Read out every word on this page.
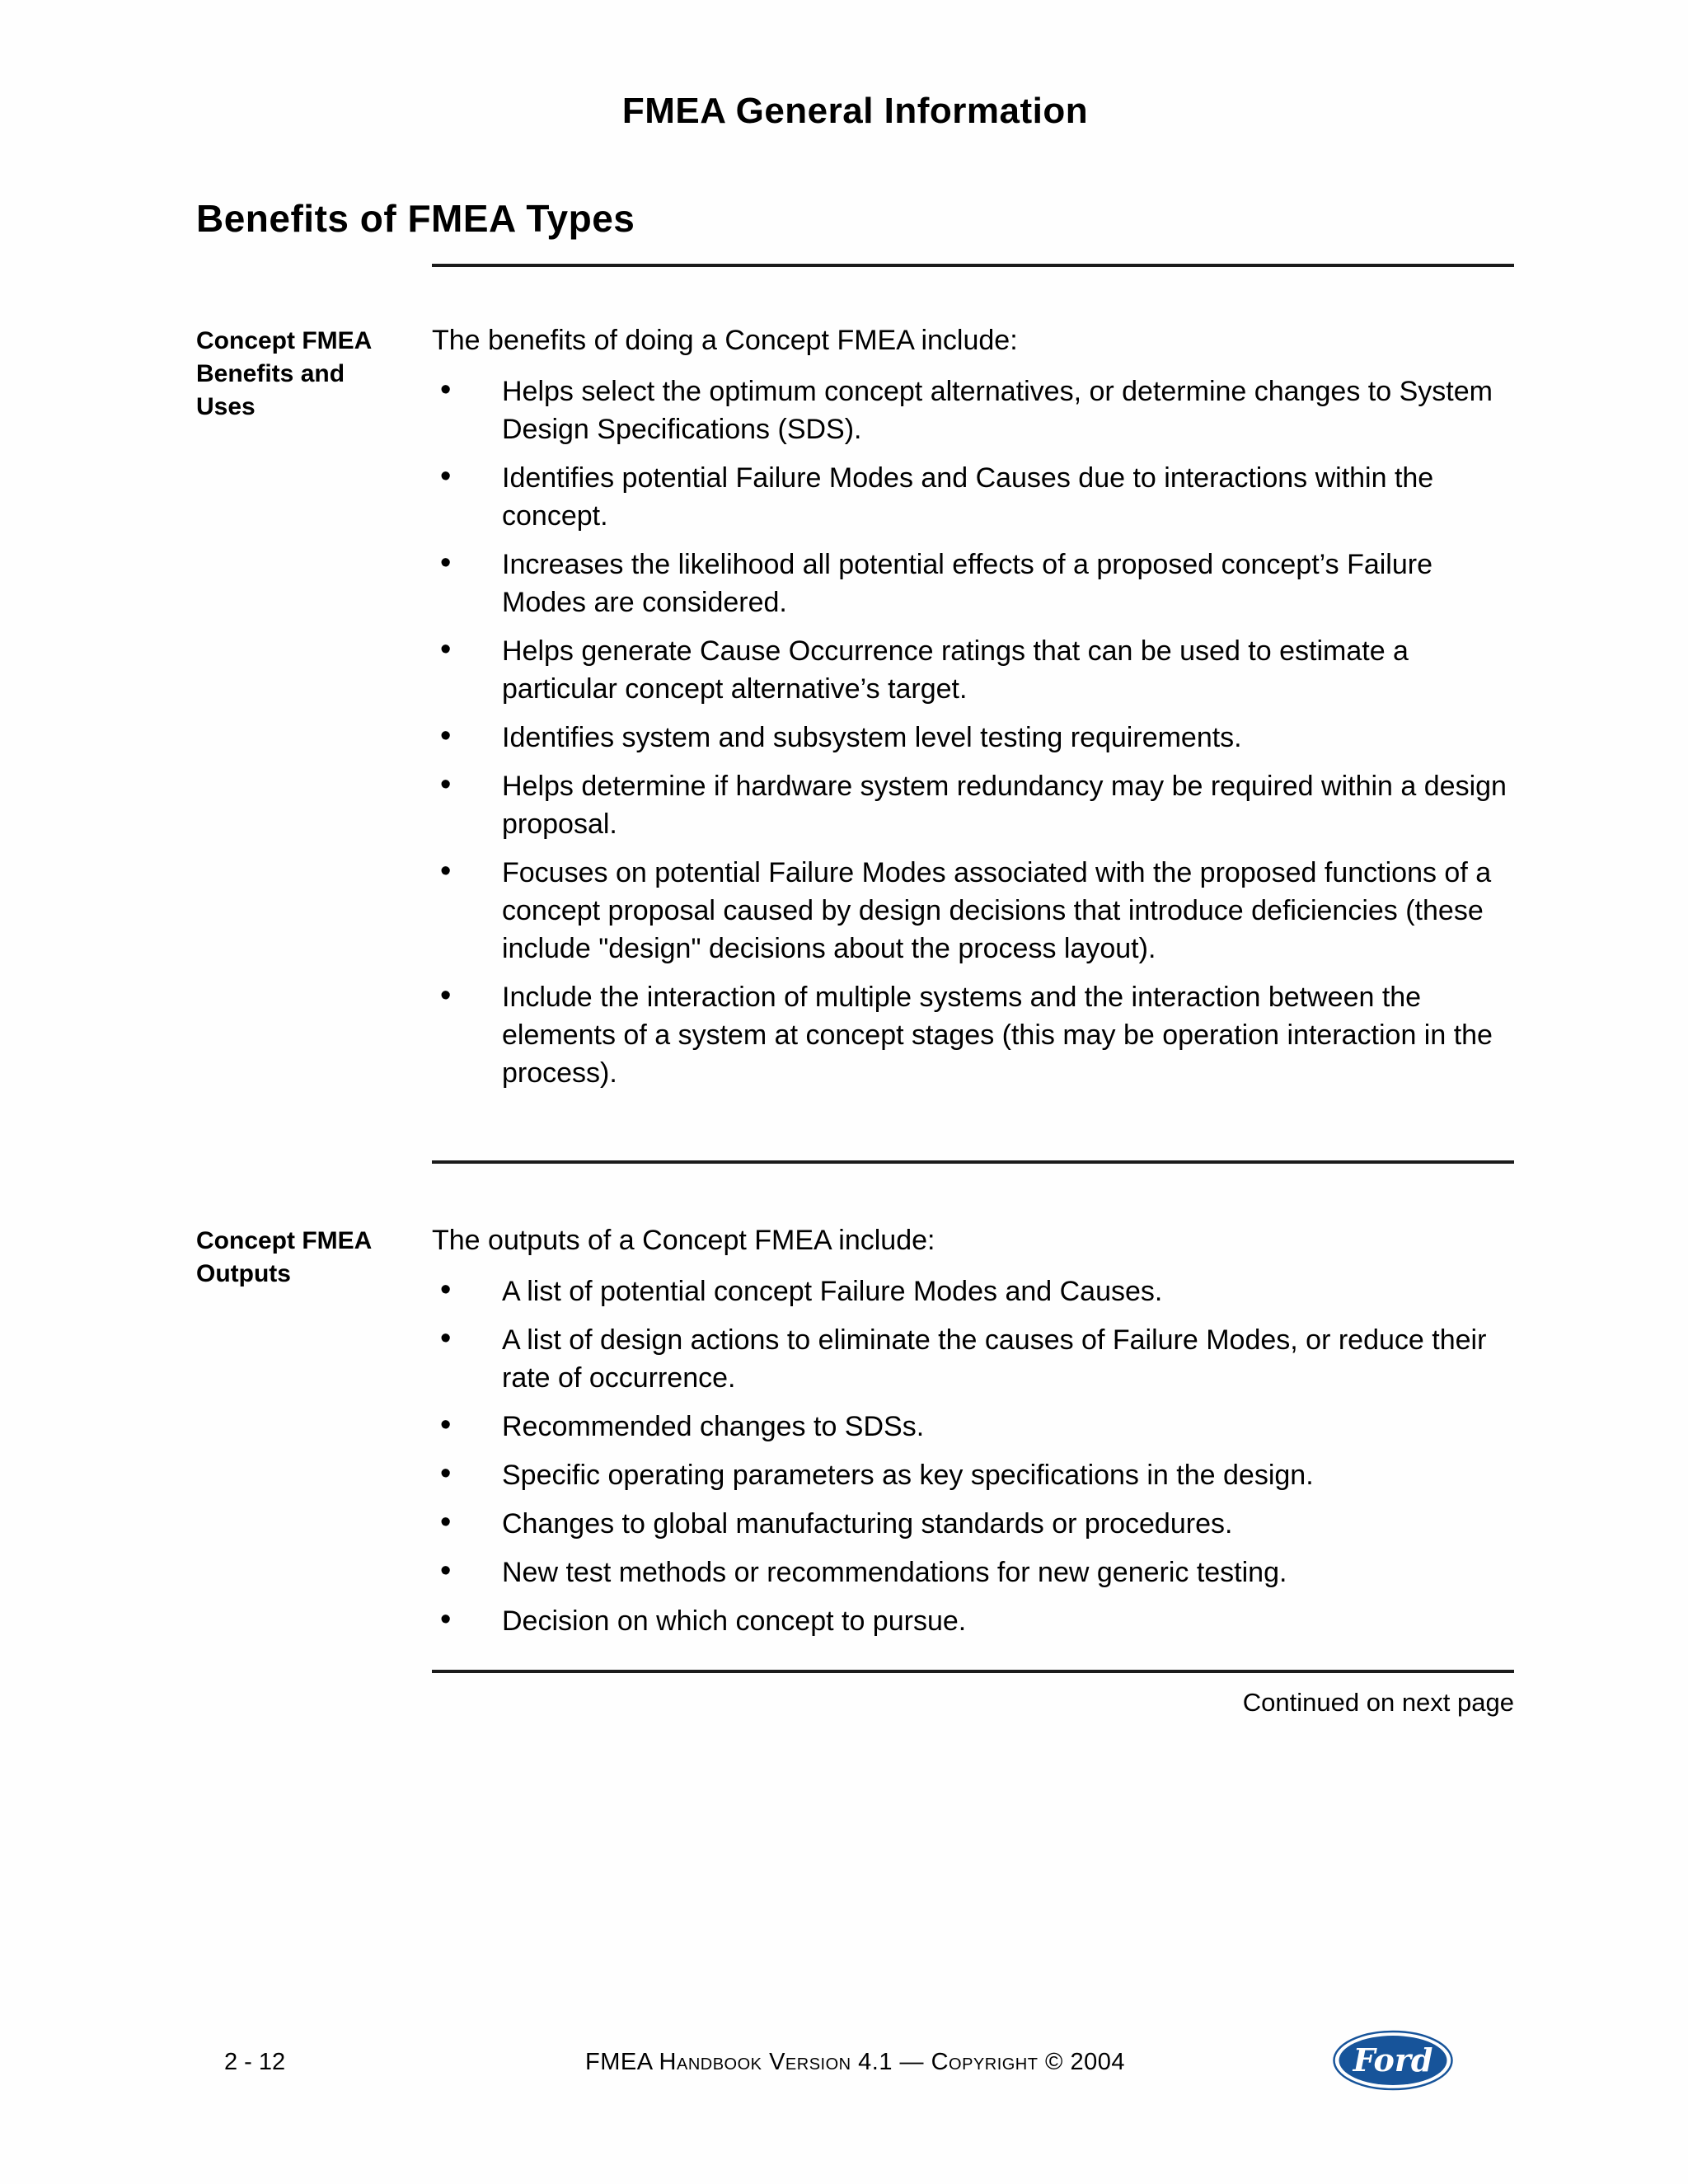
FMEA General Information
Benefits of FMEA Types
Concept FMEA
Benefits and
Uses

The benefits of doing a Concept FMEA include:

• Helps select the optimum concept alternatives, or determine changes to System Design Specifications (SDS).
• Identifies potential Failure Modes and Causes due to interactions within the concept.
• Increases the likelihood all potential effects of a proposed concept’s Failure Modes are considered.
• Helps generate Cause Occurrence ratings that can be used to estimate a particular concept alternative’s target.
• Identifies system and subsystem level testing requirements.
• Helps determine if hardware system redundancy may be required within a design proposal.
• Focuses on potential Failure Modes associated with the proposed functions of a concept proposal caused by design decisions that introduce deficiencies (these include "design" decisions about the process layout).
• Include the interaction of multiple systems and the interaction between the elements of a system at concept stages (this may be operation interaction in the process).
Concept FMEA
Outputs

The outputs of a Concept FMEA include:

• A list of potential concept Failure Modes and Causes.
• A list of design actions to eliminate the causes of Failure Modes, or reduce their rate of occurrence.
• Recommended changes to SDSs.
• Specific operating parameters as key specifications in the design.
• Changes to global manufacturing standards or procedures.
• New test methods or recommendations for new generic testing.
• Decision on which concept to pursue.
Continued on next page
2 - 12	FMEA Handbook Version 4.1 — Copyright © 2004	Ford
